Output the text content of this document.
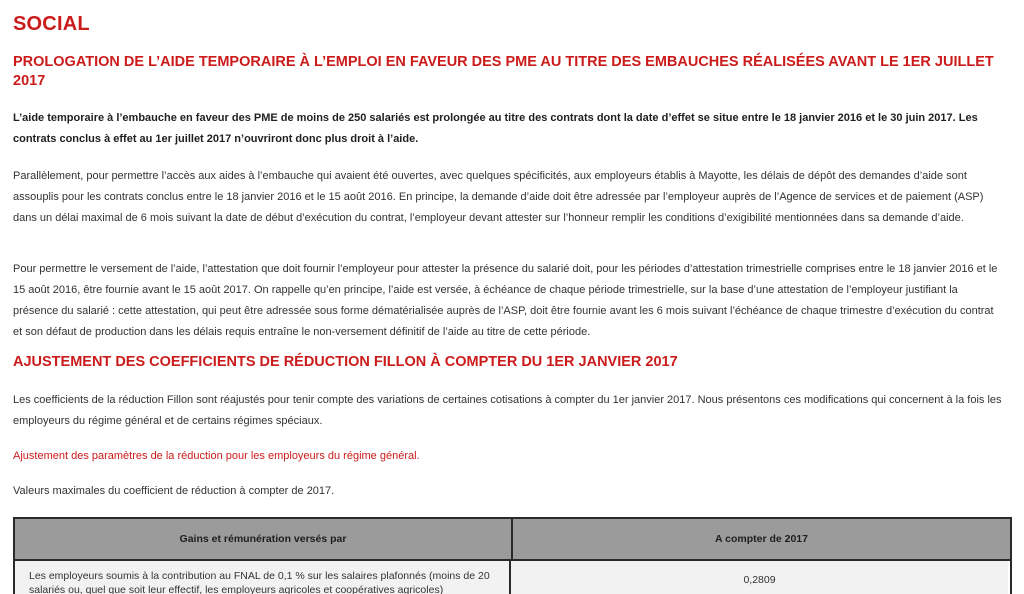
SOCIAL
PROLOGATION DE L’AIDE TEMPORAIRE À L’EMPLOI EN FAVEUR DES PME AU TITRE DES EMBAUCHES RÉALISÉES AVANT LE 1ER JUILLET 2017

L’aide temporaire à l’embauche en faveur des PME de moins de 250 salariés est prolongée au titre des contrats dont la date d’effet se situe entre le 18 janvier 2016 et le 30 juin 2017. Les contrats conclus à effet au 1er juillet 2017 n’ouvriront donc plus droit à l’aide.

Parallèlement, pour permettre l’accès aux aides à l’embauche qui avaient été ouvertes, avec quelques spécificités, aux employeurs établis à Mayotte, les délais de dépôt des demandes d’aide sont assouplis pour les contrats conclus entre le 18 janvier 2016 et le 15 août 2016. En principe, la demande d’aide doit être adressée par l’employeur auprès de l’Agence de services et de paiement (ASP) dans un délai maximal de 6 mois suivant la date de début d’exécution du contrat, l’employeur devant attester sur l’honneur remplir les conditions d’exigibilité mentionnées dans sa demande d’aide.

Pour permettre le versement de l’aide, l’attestation que doit fournir l’employeur pour attester la présence du salarié doit, pour les périodes d’attestation trimestrielle comprises entre le 18 janvier 2016 et le 15 août 2016, être fournie avant le 15 août 2017. On rappelle qu’en principe, l’aide est versée, à échéance de chaque période trimestrielle, sur la base d’une attestation de l’employeur justifiant la présence du salarié : cette attestation, qui peut être adressée sous forme dématérialisée auprès de l’ASP, doit être fournie avant les 6 mois suivant l’échéance de chaque trimestre d’exécution du contrat et son défaut de production dans les délais requis entraîne le non-versement définitif de l’aide au titre de cette période.

AJUSTEMENT DES COEFFICIENTS DE RÉDUCTION FILLON À COMPTER DU 1ER JANVIER 2017

Les coefficients de la réduction Fillon sont réajustés pour tenir compte des variations de certaines cotisations à compter du 1er janvier 2017. Nous présentons ces modifications qui concernent à la fois les employeurs du régime général et de certains régimes spéciaux.

Ajustement des paramètres de la réduction pour les employeurs du régime général.

Valeurs maximales du coefficient de réduction à compter de 2017.

Gains et rémunération versés par	A compter de 2017
Les employeurs soumis à la contribution au FNAL de 0,1 % sur les salaires plafonnés (moins de 20 salariés ou, quel que soit leur effectif, les employeurs agricoles et coopératives agricoles)
0,2809
